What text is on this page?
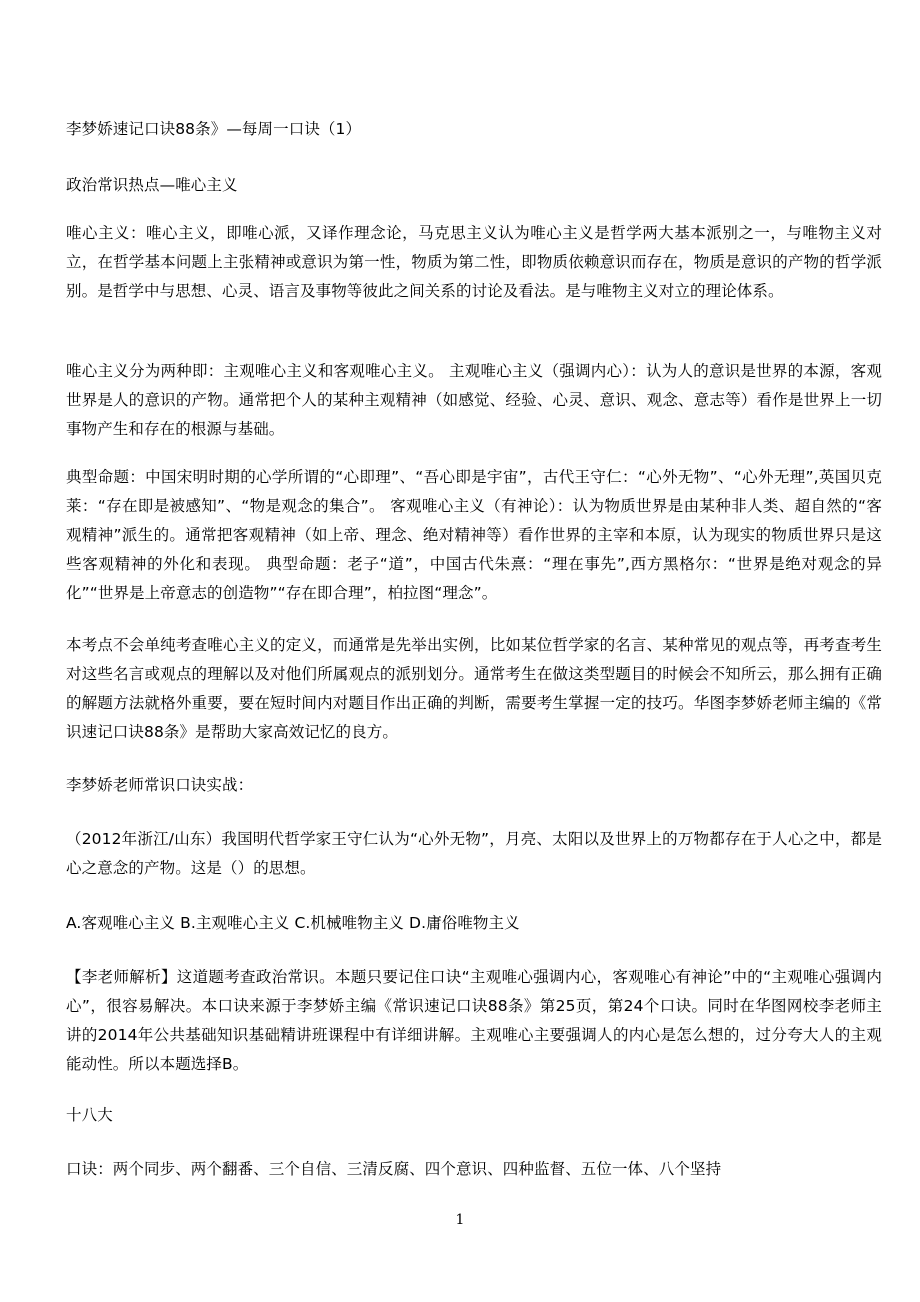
李梦娇速记口诀88条》—每周一口诀（1）

政治常识热点—唯心主义

唯心主义：唯心主义，即唯心派，又译作理念论，马克思主义认为唯心主义是哲学两大基本派别之一，与唯物主义对立，在哲学基本问题上主张精神或意识为第一性，物质为第二性，即物质依赖意识而存在，物质是意识的产物的哲学派别。是哲学中与思想、心灵、语言及事物等彼此之间关系的讨论及看法。是与唯物主义对立的理论体系。

唯心主义分为两种即：主观唯心主义和客观唯心主义。 主观唯心主义（强调内心）：认为人的意识是世界的本源，客观世界是人的意识的产物。通常把个人的某种主观精神（如感觉、经验、心灵、意识、观念、意志等）看作是世界上一切事物产生和存在的根源与基础。

典型命题：中国宋明时期的心学所谓的“心即理”、“吾心即是宇宙”，古代王守仁：“心外无物”、“心外无理”,英国贝克莱：“存在即是被感知”、“物是观念的集合”。 客观唯心主义（有神论）：认为物质世界是由某种非人类、超自然的“客观精神”派生的。通常把客观精神（如上帝、理念、绝对精神等）看作世界的主宰和本原，认为现实的物质世界只是这些客观精神的外化和表现。 典型命题：老子“道”，中国古代朱熹：“理在事先”,西方黑格尔：“世界是绝对观念的异化”“世界是上帝意志的创造物”“存在即合理”，柏拉图“理念”。

本考点不会单纯考查唯心主义的定义，而通常是先举出实例，比如某位哲学家的名言、某种常见的观点等，再考查考生对这些名言或观点的理解以及对他们所属观点的派别划分。通常考生在做这类型题目的时候会不知所云，那么拥有正确的解题方法就格外重要，要在短时间内对题目作出正确的判断，需要考生掌握一定的技巧。华图李梦娇老师主编的《常识速记口诀88条》是帮助大家高效记忆的良方。

李梦娇老师常识口诀实战：

（2012年浙江/山东）我国明代哲学家王守仁认为“心外无物”，月亮、太阳以及世界上的万物都存在于人心之中，都是心之意念的产物。这是（）的思想。

A.客观唯心主义 B.主观唯心主义 C.机械唯物主义 D.庸俗唯物主义

【李老师解析】这道题考查政治常识。本题只要记住口诀“主观唯心强调内心，客观唯心有神论”中的“主观唯心强调内心”，很容易解决。本口诀来源于李梦娇主编《常识速记口诀88条》第25页，第24个口诀。同时在华图网校李老师主讲的2014年公共基础知识基础精讲班课程中有详细讲解。主观唯心主要强调人的内心是怎么想的，过分夸大人的主观能动性。所以本题选择B。

十八大

口诀：两个同步、两个翻番、三个自信、三清反腐、四个意识、四种监督、五位一体、八个坚持

1
